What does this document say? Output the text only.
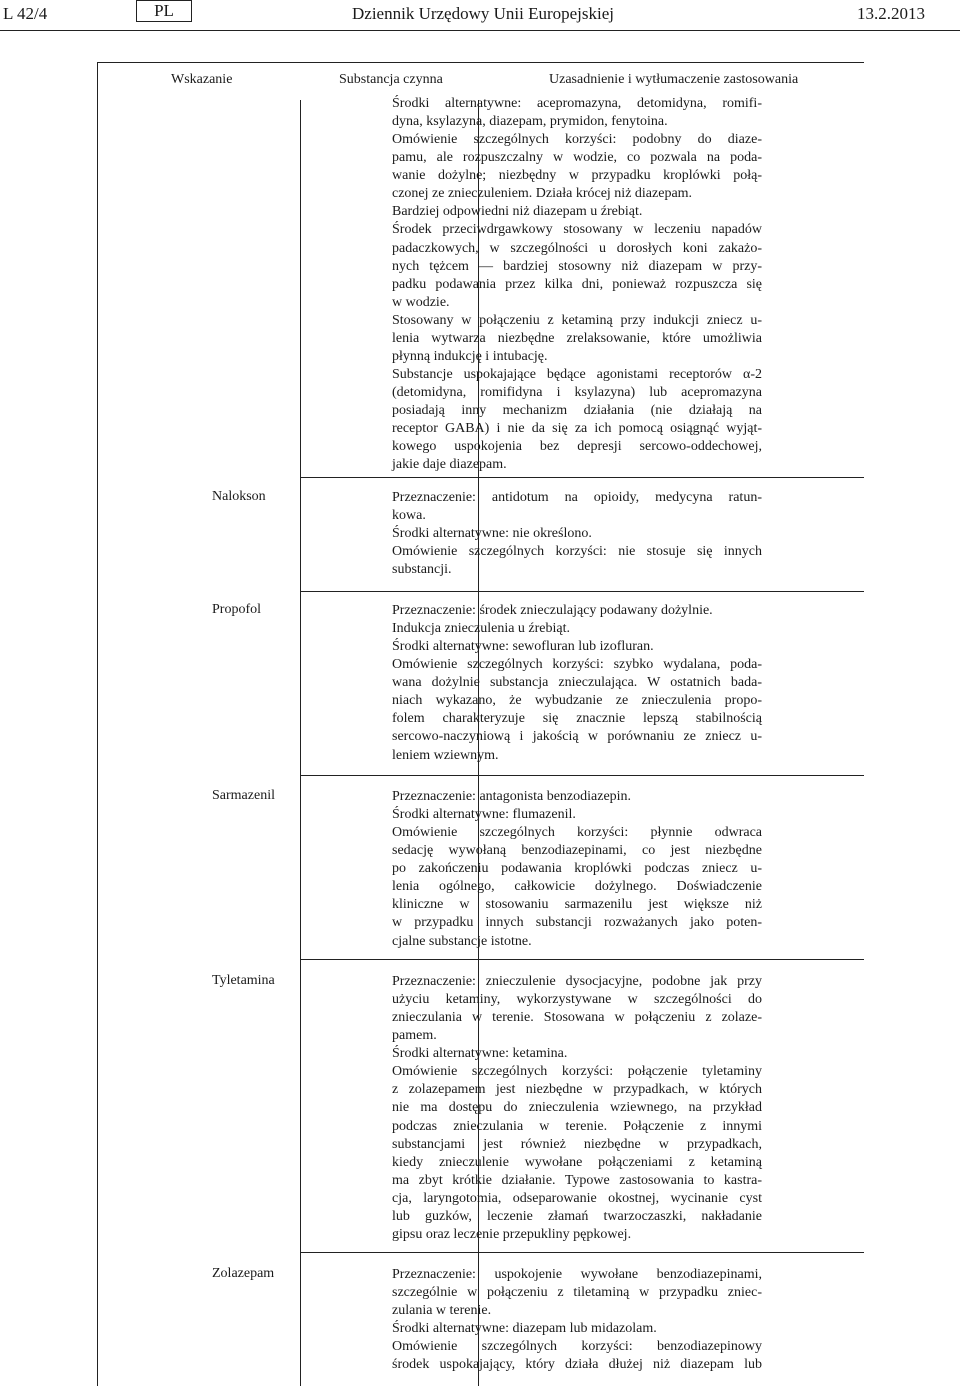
L 42/4	PL	Dziennik Urzędowy Unii Europejskiej	13.2.2013
Wskazanie	Substancja czynna	Uzasadnienie i wytłumaczenie zastosowania
Środki alternatywne: acepromazyna, detomidyna, romifi-
dyna, ksylazyna, diazepam, prymidon, fenytoina.
Omówienie szczególnych korzyści: podobny do diaze-
pamu, ale rozpuszczalny w wodzie, co pozwala na poda-
wanie dożylne; niezbędny w przypadku kroplówki połą-
czonej ze znieczuleniem. Działa krócej niż diazepam.
Bardziej odpowiedni niż diazepam u źrebiąt.
Środek przeciwdrgawkowy stosowany w leczeniu napadów
padaczkowych, w szczególności u dorosłych koni zakażo-
nych tężcem — bardziej stosowny niż diazepam w przy-
padku podawania przez kilka dni, ponieważ rozpuszcza się
w wodzie.
Stosowany w połączeniu z ketaminą przy indukcji zniecz u-
lenia wytwarza niezbędne zrelaksowanie, które umożliwia
płynną indukcję i intubację.
Substancje uspokajające będące agonistami receptorów α-2
(detomidyna, romifidyna i ksylazyna) lub acepromazyna
posiadają inny mechanizm działania (nie działają na
receptor GABA) i nie da się za ich pomocą osiągnąć wyjąt-
kowego uspokojenia bez depresji sercowo-oddechowej,
jakie daje diazepam.
Nalokson	Przeznaczenie: antidotum na opioidy, medycyna ratun-
kowa.
Środki alternatywne: nie określono.
Omówienie szczególnych korzyści: nie stosuje się innych
substancji.
Propofol	Przeznaczenie: środek znieczulający podawany dożylnie.
Indukcja znieczulenia u źrebiąt.
Środki alternatywne: sewofluran lub izofluran.
Omówienie szczególnych korzyści: szybko wydalana, poda-
wana dożylnie substancja znieczulająca. W ostatnich bada-
niach wykazano, że wybudzanie ze znieczulenia propo-
folem charakteryzuje się znacznie lepszą stabilnością
sercowo-naczyniową i jakością w porównaniu ze zniecz u-
leniem wziewnym.
Sarmazenil	Przeznaczenie: antagonista benzodiazepin.
Środki alternatywne: flumazenil.
Omówienie szczególnych korzyści: płynnie odwraca
sedację wywołaną benzodiazepinami, co jest niezbędne
po zakończeniu podawania kroplówki podczas zniecz u-
lenia ogólnego, całkowicie dożylnego. Doświadczenie
kliniczne w stosowaniu sarmazenilu jest większe niż
w przypadku innych substancji rozważanych jako poten-
cjalne substancje istotne.
Tyletamina	Przeznaczenie: znieczulenie dysocjacyjne, podobne jak przy
użyciu ketaminy, wykorzystywane w szczególności do
znieczulania w terenie. Stosowana w połączeniu z zolaze-
pamem.
Środki alternatywne: ketamina.
Omówienie szczególnych korzyści: połączenie tyletaminy
z zolazepamem jest niezbędne w przypadkach, w których
nie ma dostępu do znieczulenia wziewnego, na przykład
podczas znieczulania w terenie. Połączenie z innymi
substancjami jest również niezbędne w przypadkach,
kiedy znieczulenie wywołane połączeniami z ketaminą
ma zbyt krótkie działanie. Typowe zastosowania to kastra-
cja, laryngotomia, odseparowanie okostnej, wycinanie cyst
lub guzków, leczenie złamań twarzoczaszki, nakładanie
gipsu oraz leczenie przepukliny pępkowej.
Zolazepam	Przeznaczenie: uspokojenie wywołane benzodiazepinami,
szczególnie w połączeniu z tiletaminą w przypadku zniec-
zulania w terenie.
Środki alternatywne: diazepam lub midazolam.
Omówienie szczególnych korzyści: benzodiazepinowy
środek uspokajający, który działa dłużej niż diazepam lub
